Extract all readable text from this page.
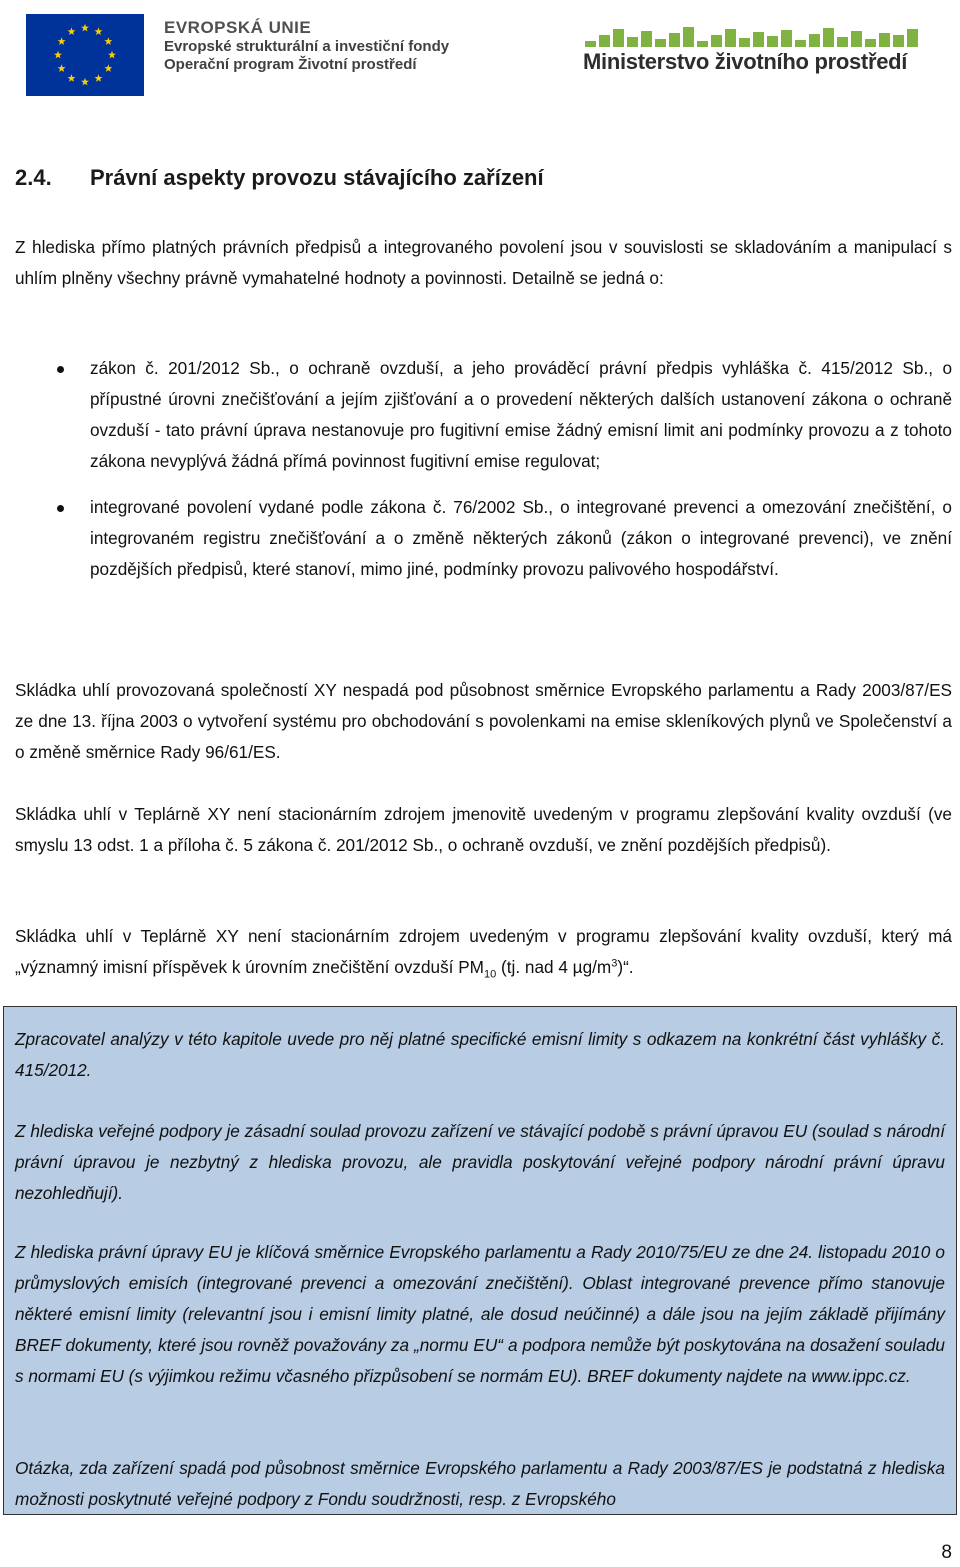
EVROPSKÁ UNIE
Evropské strukturální a investiční fondy
Operační program Životní prostředí	Ministerstvo životního prostředí
2.4.	Právní aspekty provozu stávajícího zařízení

Z hlediska přímo platných právních předpisů a integrovaného povolení jsou v souvislosti se skladováním a manipulací s uhlím plněny všechny právně vymahatelné hodnoty a povinnosti. Detailně se jedná o:

zákon č. 201/2012 Sb., o ochraně ovzduší, a jeho prováděcí právní předpis vyhláška č. 415/2012 Sb., o přípustné úrovni znečišťování a jejím zjišťování a o provedení některých dalších ustanovení zákona o ochraně ovzduší - tato právní úprava nestanovuje pro fugitivní emise žádný emisní limit ani podmínky provozu a z tohoto zákona nevyplývá žádná přímá povinnost fugitivní emise regulovat;
integrované povolení vydané podle zákona č. 76/2002 Sb., o integrované prevenci a omezování znečištění, o integrovaném registru znečišťování a o změně některých zákonů (zákon o integrované prevenci), ve znění pozdějších předpisů, které stanoví, mimo jiné, podmínky provozu palivového hospodářství.

Skládka uhlí provozovaná společností XY nespadá pod působnost směrnice Evropského parlamentu a Rady 2003/87/ES ze dne 13. října 2003 o vytvoření systému pro obchodování s povolenkami na emise skleníkových plynů ve Společenství a o změně směrnice Rady 96/61/ES.

Skládka uhlí v Teplárně XY není stacionárním zdrojem jmenovitě uvedeným v programu zlepšování kvality ovzduší (ve smyslu 13 odst. 1 a příloha č. 5 zákona č. 201/2012 Sb., o ochraně ovzduší, ve znění pozdějších předpisů).

Skládka uhlí v Teplárně XY není stacionárním zdrojem uvedeným v programu zlepšování kvality ovzduší, který má „významný imisní příspěvek k úrovním znečištění ovzduší $PM_{10}$ (tj. nad 4 $\mu g/m^3)“$.

Zpracovatel analýzy v této kapitole uvede pro něj platné specifické emisní limity s odkazem na konkrétní část vyhlášky č. 415/2012.

Z hlediska veřejné podpory je zásadní soulad provozu zařízení ve stávající podobě s právní úpravou EU (soulad s národní právní úpravou je nezbytný z hlediska provozu, ale pravidla poskytování veřejné podpory národní právní úpravu nezohledňují).

Z hlediska právní úpravy EU je klíčová směrnice Evropského parlamentu a Rady 2010/75/EU ze dne 24. listopadu 2010 o průmyslových emisích (integrované prevenci a omezování znečištění). Oblast integrované prevence přímo stanovuje některé emisní limity (relevantní jsou i emisní limity platné, ale dosud neúčinné) a dále jsou na jejím základě přijímány BREF dokumenty, které jsou rovněž považovány za „normu EU“ a podpora nemůže být poskytována na dosažení souladu s normami EU (s výjimkou režimu včasného přizpůsobení se normám EU). BREF dokumenty najdete na www.ippc.cz.

Otázka, zda zařízení spadá pod působnost směrnice Evropského parlamentu a Rady 2003/87/ES je podstatná z hlediska možnosti poskytnuté veřejné podpory z Fondu soudržnosti, resp. z Evropského

8
